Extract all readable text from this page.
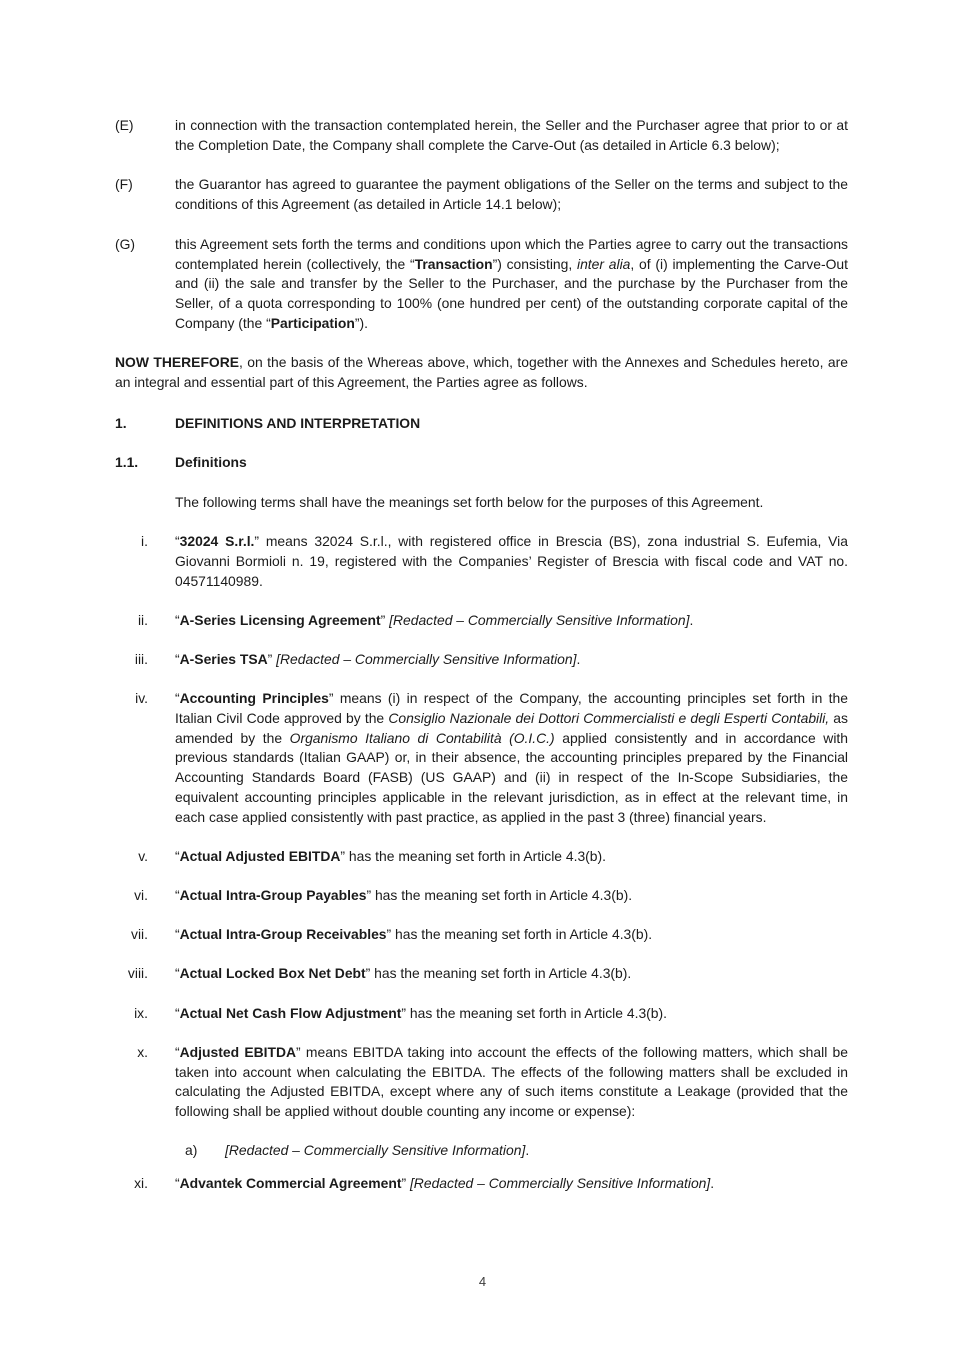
(E)	in connection with the transaction contemplated herein, the Seller and the Purchaser agree that prior to or at the Completion Date, the Company shall complete the Carve-Out (as detailed in Article 6.3 below);

(F)	the Guarantor has agreed to guarantee the payment obligations of the Seller on the terms and subject to the conditions of this Agreement (as detailed in Article 14.1 below);

(G)	this Agreement sets forth the terms and conditions upon which the Parties agree to carry out the transactions contemplated herein (collectively, the “Transaction”) consisting, inter alia, of (i) implementing the Carve-Out and (ii) the sale and transfer by the Seller to the Purchaser, and the purchase by the Purchaser from the Seller, of a quota corresponding to 100% (one hundred per cent) of the outstanding corporate capital of the Company (the “Participation”).

NOW THEREFORE, on the basis of the Whereas above, which, together with the Annexes and Schedules hereto, are an integral and essential part of this Agreement, the Parties agree as follows.

1.	DEFINITIONS AND INTERPRETATION

1.1.	Definitions

The following terms shall have the meanings set forth below for the purposes of this Agreement.

i. “32024 S.r.l.” means 32024 S.r.l., with registered office in Brescia (BS), zona industrial S. Eufemia, Via Giovanni Bormioli n. 19, registered with the Companies’ Register of Brescia with fiscal code and VAT no. 04571140989.

ii. “A-Series Licensing Agreement” [Redacted – Commercially Sensitive Information].

iii. “A-Series TSA” [Redacted – Commercially Sensitive Information].

iv. “Accounting Principles” means (i) in respect of the Company, the accounting principles set forth in the Italian Civil Code approved by the Consiglio Nazionale dei Dottori Commercialisti e degli Esperti Contabili, as amended by the Organismo Italiano di Contabilità (O.I.C.) applied consistently and in accordance with previous standards (Italian GAAP) or, in their absence, the accounting principles prepared by the Financial Accounting Standards Board (FASB) (US GAAP) and (ii) in respect of the In-Scope Subsidiaries, the equivalent accounting principles applicable in the relevant jurisdiction, as in effect at the relevant time, in each case applied consistently with past practice, as applied in the past 3 (three) financial years.

v. “Actual Adjusted EBITDA” has the meaning set forth in Article 4.3(b).

vi. “Actual Intra-Group Payables” has the meaning set forth in Article 4.3(b).

vii. “Actual Intra-Group Receivables” has the meaning set forth in Article 4.3(b).

viii. “Actual Locked Box Net Debt” has the meaning set forth in Article 4.3(b).

ix. “Actual Net Cash Flow Adjustment” has the meaning set forth in Article 4.3(b).

x. “Adjusted EBITDA” means EBITDA taking into account the effects of the following matters, which shall be taken into account when calculating the EBITDA. The effects of the following matters shall be excluded in calculating the Adjusted EBITDA, except where any of such items constitute a Leakage (provided that the following shall be applied without double counting any income or expense):

a)	[Redacted – Commercially Sensitive Information].

xi. “Advantek Commercial Agreement” [Redacted – Commercially Sensitive Information].

4
